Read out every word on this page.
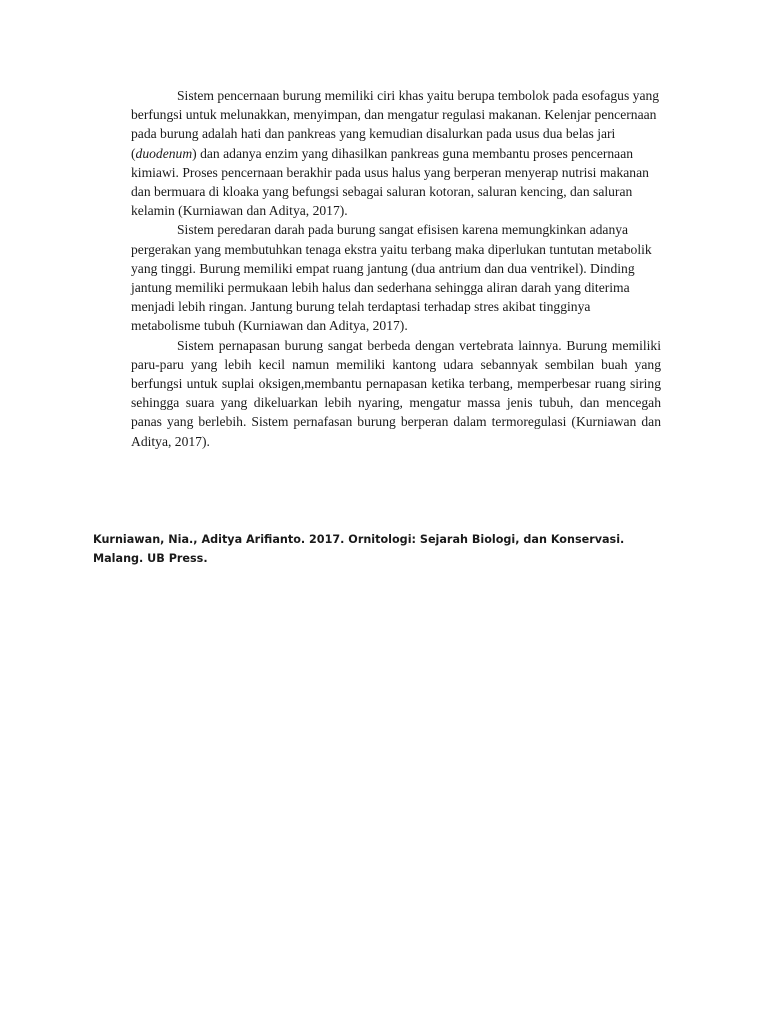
Sistem pencernaan burung memiliki ciri khas yaitu berupa tembolok pada esofagus yang berfungsi untuk melunakkan, menyimpan, dan mengatur regulasi makanan. Kelenjar pencernaan pada burung adalah hati dan pankreas yang kemudian disalurkan pada usus dua belas jari (duodenum) dan adanya enzim yang dihasilkan pankreas guna membantu proses pencernaan kimiawi. Proses pencernaan berakhir pada usus halus yang berperan menyerap nutrisi makanan dan bermuara di kloaka yang befungsi sebagai saluran kotoran, saluran kencing, dan saluran kelamin (Kurniawan dan Aditya, 2017).

Sistem peredaran darah pada burung sangat efisisen karena memungkinkan adanya pergerakan yang membutuhkan tenaga ekstra yaitu terbang maka diperlukan tuntutan metabolik yang tinggi. Burung memiliki empat ruang jantung (dua antrium dan dua ventrikel). Dinding jantung memiliki permukaan lebih halus dan sederhana sehingga aliran darah yang diterima menjadi lebih ringan. Jantung burung telah terdaptasi terhadap stres akibat tingginya metabolisme tubuh (Kurniawan dan Aditya, 2017).

Sistem pernapasan burung sangat berbeda dengan vertebrata lainnya. Burung memiliki paru-paru yang lebih kecil namun memiliki kantong udara sebannyak sembilan buah yang berfungsi untuk suplai oksigen,membantu pernapasan ketika terbang, memperbesar ruang siring sehingga suara yang dikeluarkan lebih nyaring, mengatur massa jenis tubuh, dan mencegah panas yang berlebih. Sistem pernafasan burung berperan dalam termoregulasi (Kurniawan dan Aditya, 2017).

Kurniawan, Nia., Aditya Arifianto. 2017. Ornitologi: Sejarah Biologi, dan Konservasi. Malang. UB Press.
